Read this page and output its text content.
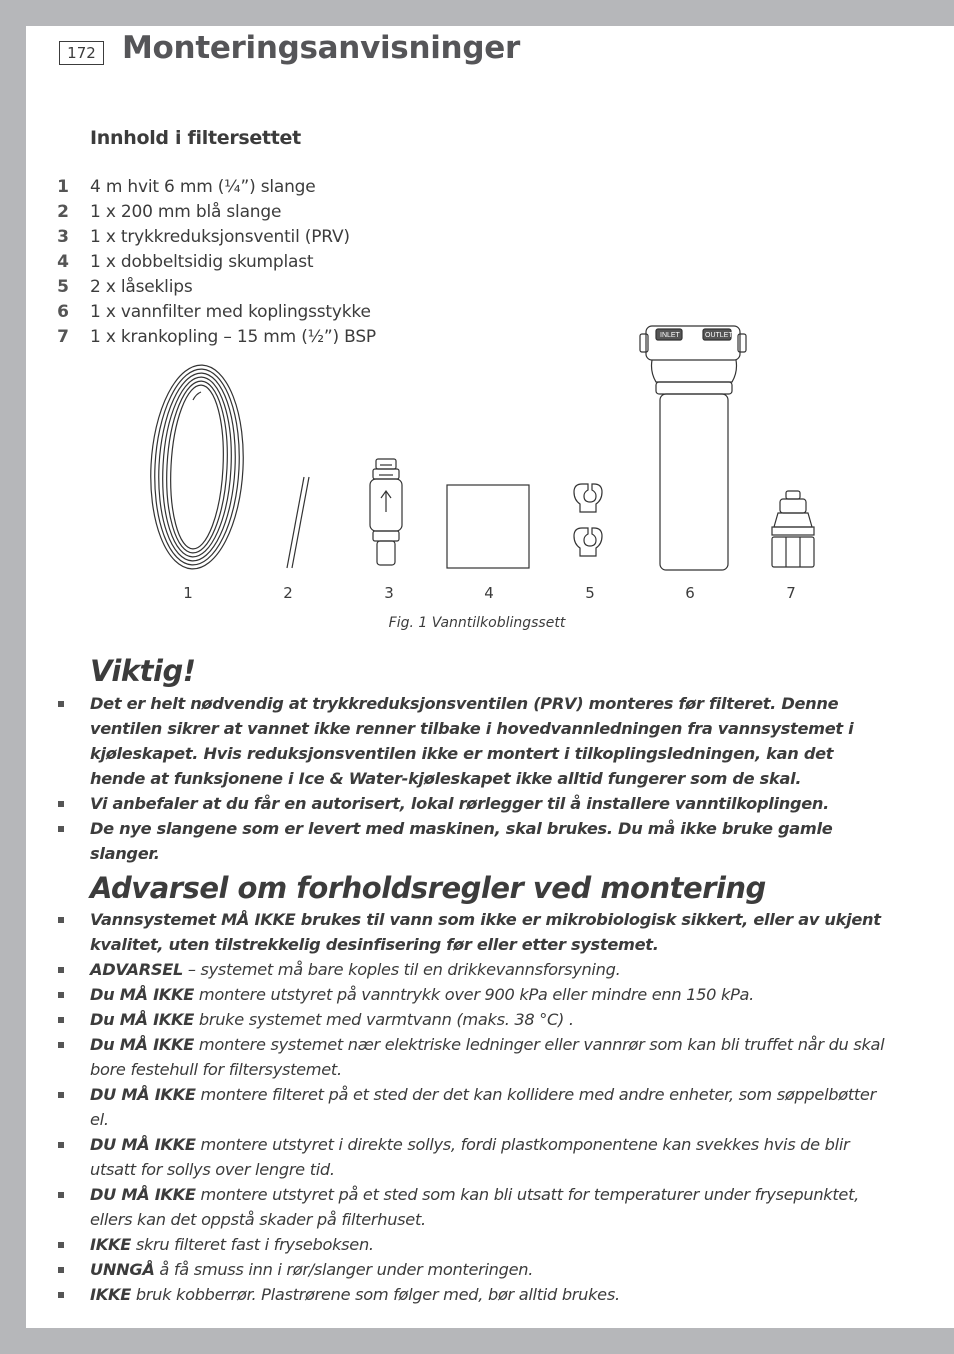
172 Monteringsanvisninger
Innhold i filtersettet
1 4 m hvit 6 mm (¼”) slange
2 1 x 200 mm blå slange
3 1 x trykkreduksjonsventil (PRV)
4 1 x dobbeltsidig skumplast
5 2 x låseklips
6 1 x vannfilter med koplingsstykke
7 1 x krankopling – 15 mm (½”) BSP	INLET	OUTLET
1	2	3	4	5	6	7
Fig. 1 Vanntilkoblingssett
Viktig!
Det er helt nødvendig at trykkreduksjonsventilen (PRV) monteres før filteret. Denne ventilen sikrer at vannet ikke renner tilbake i hovedvannledningen fra vannsystemet i kjøleskapet. Hvis reduksjonsventilen ikke er montert i tilkoplingsledningen, kan det hende at funksjonene i Ice & Water-kjøleskapet ikke alltid fungerer som de skal.
Vi anbefaler at du får en autorisert, lokal rørlegger til å installere vanntilkoplingen.
De nye slangene som er levert med maskinen, skal brukes. Du må ikke bruke gamle slanger.
Advarsel om forholdsregler ved montering
Vannsystemet MÅ IKKE brukes til vann som ikke er mikrobiologisk sikkert, eller av ukjent kvalitet, uten tilstrekkelig desinfisering før eller etter systemet.
ADVARSEL – systemet må bare koples til en drikkevannsforsyning.
Du MÅ IKKE montere utstyret på vanntrykk over 900 kPa eller mindre enn 150 kPa.
Du MÅ IKKE bruke systemet med varmtvann (maks. 38 °C) .
Du MÅ IKKE montere systemet nær elektriske ledninger eller vannrør som kan bli truffet når du skal bore festehull for filtersystemet.
DU MÅ IKKE montere filteret på et sted der det kan kollidere med andre enheter, som søppelbøtter el.
DU MÅ IKKE montere utstyret i direkte sollys, fordi plastkomponentene kan svekkes hvis de blir utsatt for sollys over lengre tid.
DU MÅ IKKE montere utstyret på et sted som kan bli utsatt for temperaturer under frysepunktet, ellers kan det oppstå skader på filterhuset.
IKKE skru filteret fast i fryseboksen.
UNNGÅ å få smuss inn i rør/slanger under monteringen.
IKKE bruk kobberrør. Plastrørene som følger med, bør alltid brukes.
